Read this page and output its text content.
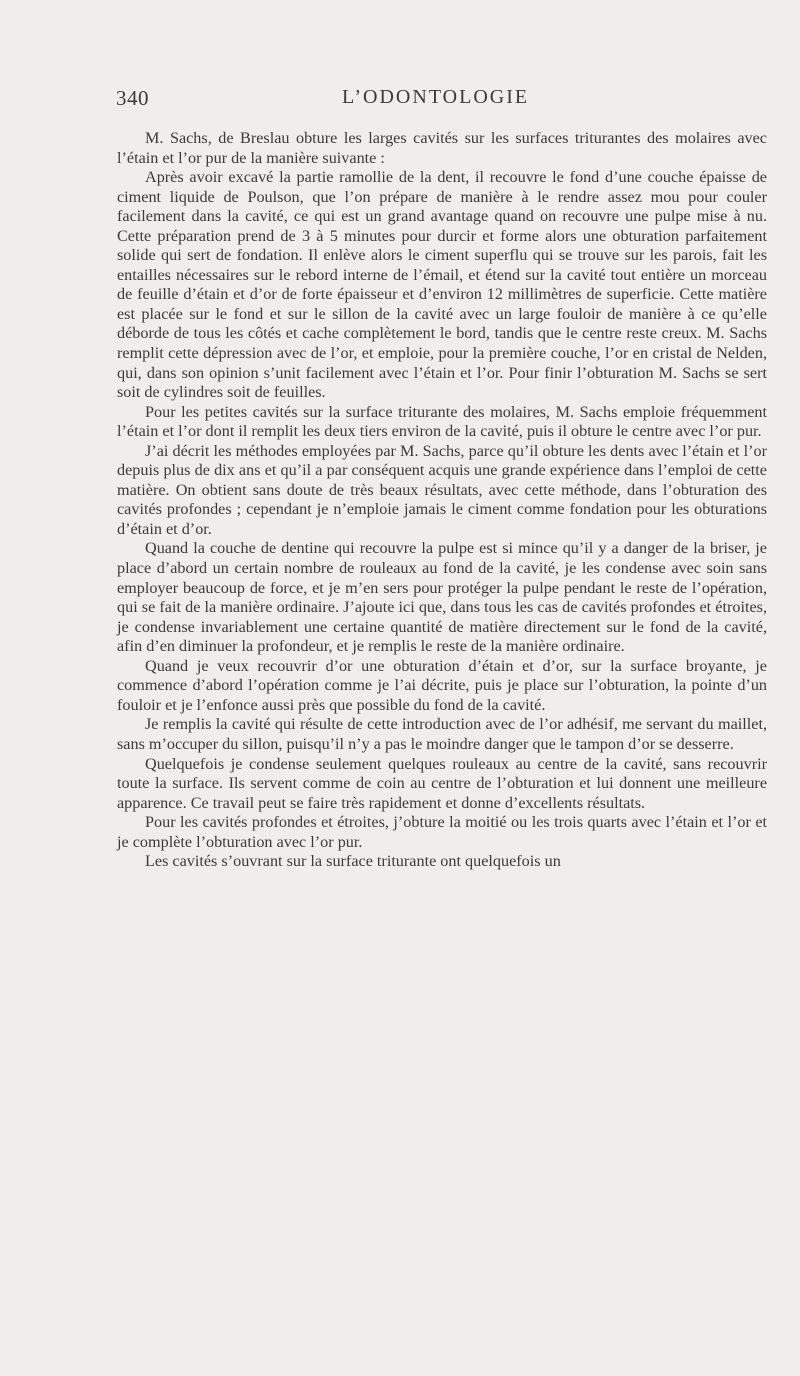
340	L’ODONTOLOGIE

M. Sachs, de Breslau obture les larges cavités sur les surfaces triturantes des molaires avec l’étain et l’or pur de la manière suivante :

Après avoir excavé la partie ramollie de la dent, il recouvre le fond d’une couche épaisse de ciment liquide de Poulson, que l’on prépare de manière à le rendre assez mou pour couler facilement dans la cavité, ce qui est un grand avantage quand on recouvre une pulpe mise à nu. Cette préparation prend de 3 à 5 minutes pour durcir et forme alors une obturation parfaitement solide qui sert de fondation. Il enlève alors le ciment superflu qui se trouve sur les parois, fait les entailles nécessaires sur le rebord interne de l’émail, et étend sur la cavité tout entière un morceau de feuille d’étain et d’or de forte épaisseur et d’environ 12 millimètres de superficie. Cette matière est placée sur le fond et sur le sillon de la cavité avec un large fouloir de manière à ce qu’elle déborde de tous les côtés et cache complètement le bord, tandis que le centre reste creux. M. Sachs remplit cette dépression avec de l’or, et emploie, pour la première couche, l’or en cristal de Nelden, qui, dans son opinion s’unit facilement avec l’étain et l’or. Pour finir l’obturation M. Sachs se sert soit de cylindres soit de feuilles.

Pour les petites cavités sur la surface triturante des molaires, M. Sachs emploie fréquemment l’étain et l’or dont il remplit les deux tiers environ de la cavité, puis il obture le centre avec l’or pur.

J’ai décrit les méthodes employées par M. Sachs, parce qu’il obture les dents avec l’étain et l’or depuis plus de dix ans et qu’il a par conséquent acquis une grande expérience dans l’emploi de cette matière. On obtient sans doute de très beaux résultats, avec cette méthode, dans l’obturation des cavités profondes ; cependant je n’emploie jamais le ciment comme fondation pour les obturations d’étain et d’or.

Quand la couche de dentine qui recouvre la pulpe est si mince qu’il y a danger de la briser, je place d’abord un certain nombre de rouleaux au fond de la cavité, je les condense avec soin sans employer beaucoup de force, et je m’en sers pour protéger la pulpe pendant le reste de l’opération, qui se fait de la manière ordinaire. J’ajoute ici que, dans tous les cas de cavités profondes et étroites, je condense invariablement une certaine quantité de matière directement sur le fond de la cavité, afin d’en diminuer la profondeur, et je remplis le reste de la manière ordinaire.

Quand je veux recouvrir d’or une obturation d’étain et d’or, sur la surface broyante, je commence d’abord l’opération comme je l’ai décrite, puis je place sur l’obturation, la pointe d’un fouloir et je l’enfonce aussi près que possible du fond de la cavité.

Je remplis la cavité qui résulte de cette introduction avec de l’or adhésif, me servant du maillet, sans m’occuper du sillon, puisqu’il n’y a pas le moindre danger que le tampon d’or se desserre.

Quelquefois je condense seulement quelques rouleaux au centre de la cavité, sans recouvrir toute la surface. Ils servent comme de coin au centre de l’obturation et lui donnent une meilleure apparence. Ce travail peut se faire très rapidement et donne d’excellents résultats.

Pour les cavités profondes et étroites, j’obture la moitié ou les trois quarts avec l’étain et l’or et je complète l’obturation avec l’or pur.

Les cavités s’ouvrant sur la surface triturante ont quelquefois un
